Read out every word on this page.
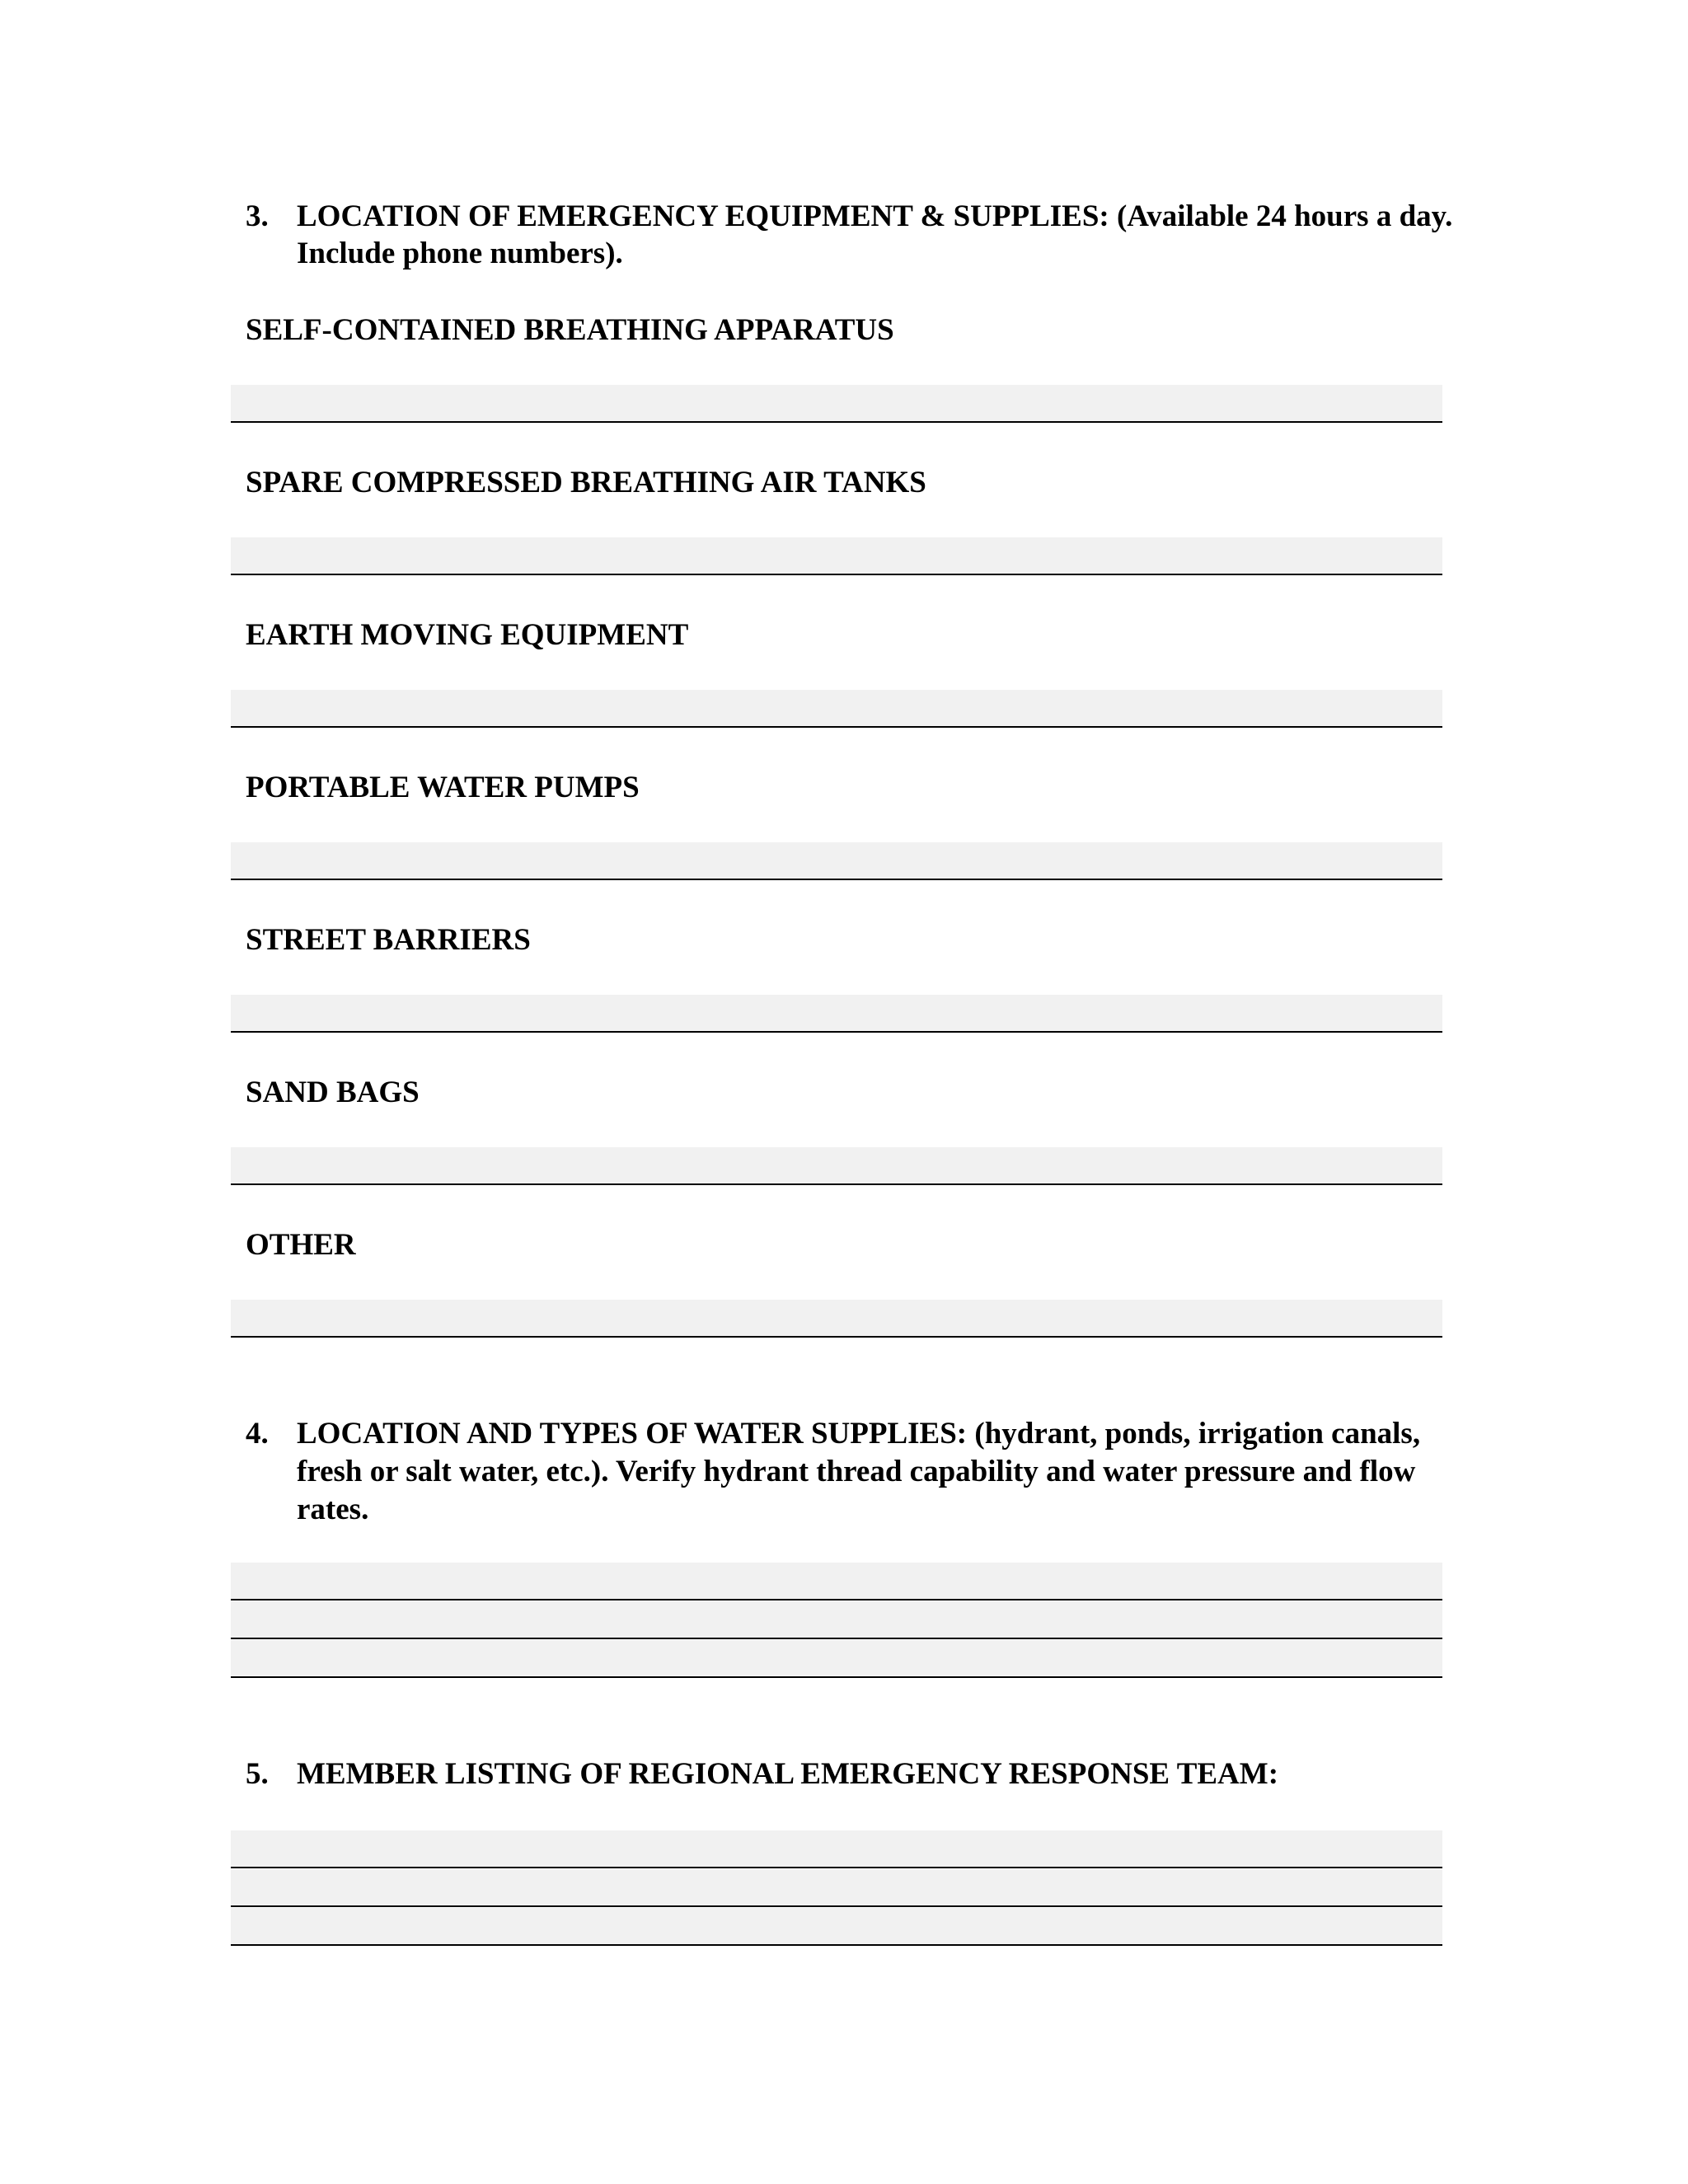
3. LOCATION OF EMERGENCY EQUIPMENT & SUPPLIES: (Available 24 hours a day.

Include phone numbers).

SELF-CONTAINED BREATHING APPARATUS

SPARE COMPRESSED BREATHING AIR TANKS

EARTH MOVING EQUIPMENT

PORTABLE WATER PUMPS

STREET BARRIERS

SAND BAGS

OTHER

4. LOCATION AND TYPES OF WATER SUPPLIES: (hydrant, ponds, irrigation canals,

fresh or salt water, etc.). Verify hydrant thread capability and water pressure and flow

rates.

5. MEMBER LISTING OF REGIONAL EMERGENCY RESPONSE TEAM:
